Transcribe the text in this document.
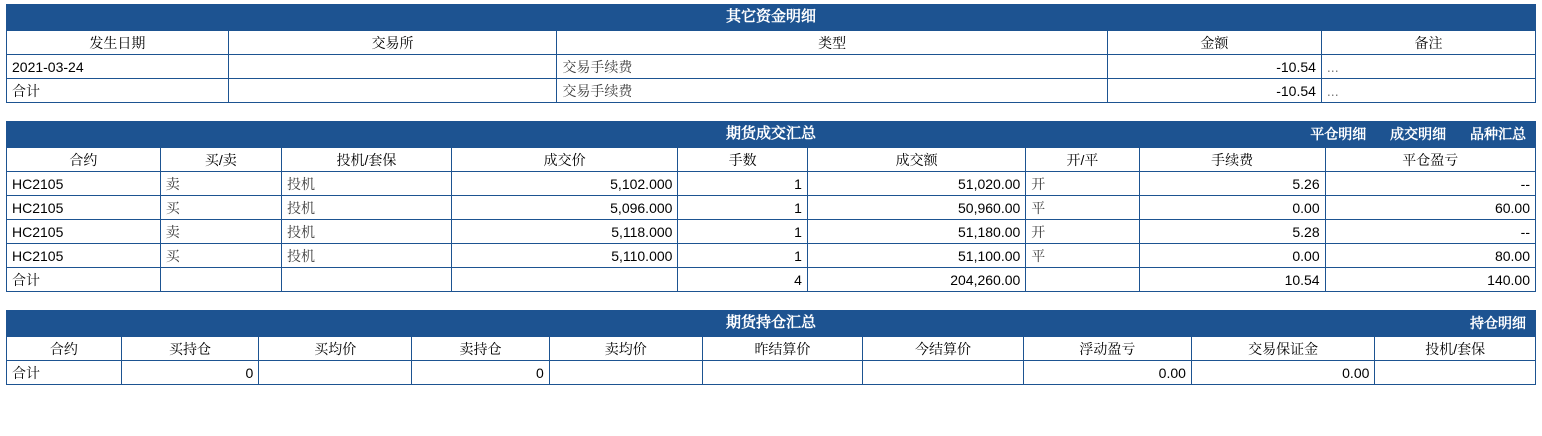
其它资金明细
发生日期	交易所	类型	金额	备注
2021-03-24		交易手续费	-10.54	...
合计		交易手续费	-10.54	...
期货成交汇总	平仓明细 成交明细 品种汇总
合约	买/卖	投机/套保	成交价	手数	成交额	开/平	手续费	平仓盈亏
HC2105	卖	投机	5,102.000	1	51,020.00	开	5.26	--
HC2105	买	投机	5,096.000	1	50,960.00	平	0.00	60.00
HC2105	卖	投机	5,118.000	1	51,180.00	开	5.28	--
HC2105	买	投机	5,110.000	1	51,100.00	平	0.00	80.00
合计				4	204,260.00		10.54	140.00
期货持仓汇总	持仓明细
合约	买持仓	买均价	卖持仓	卖均价	昨结算价	今结算价	浮动盈亏	交易保证金	投机/套保
合计	0		0				0.00	0.00	
